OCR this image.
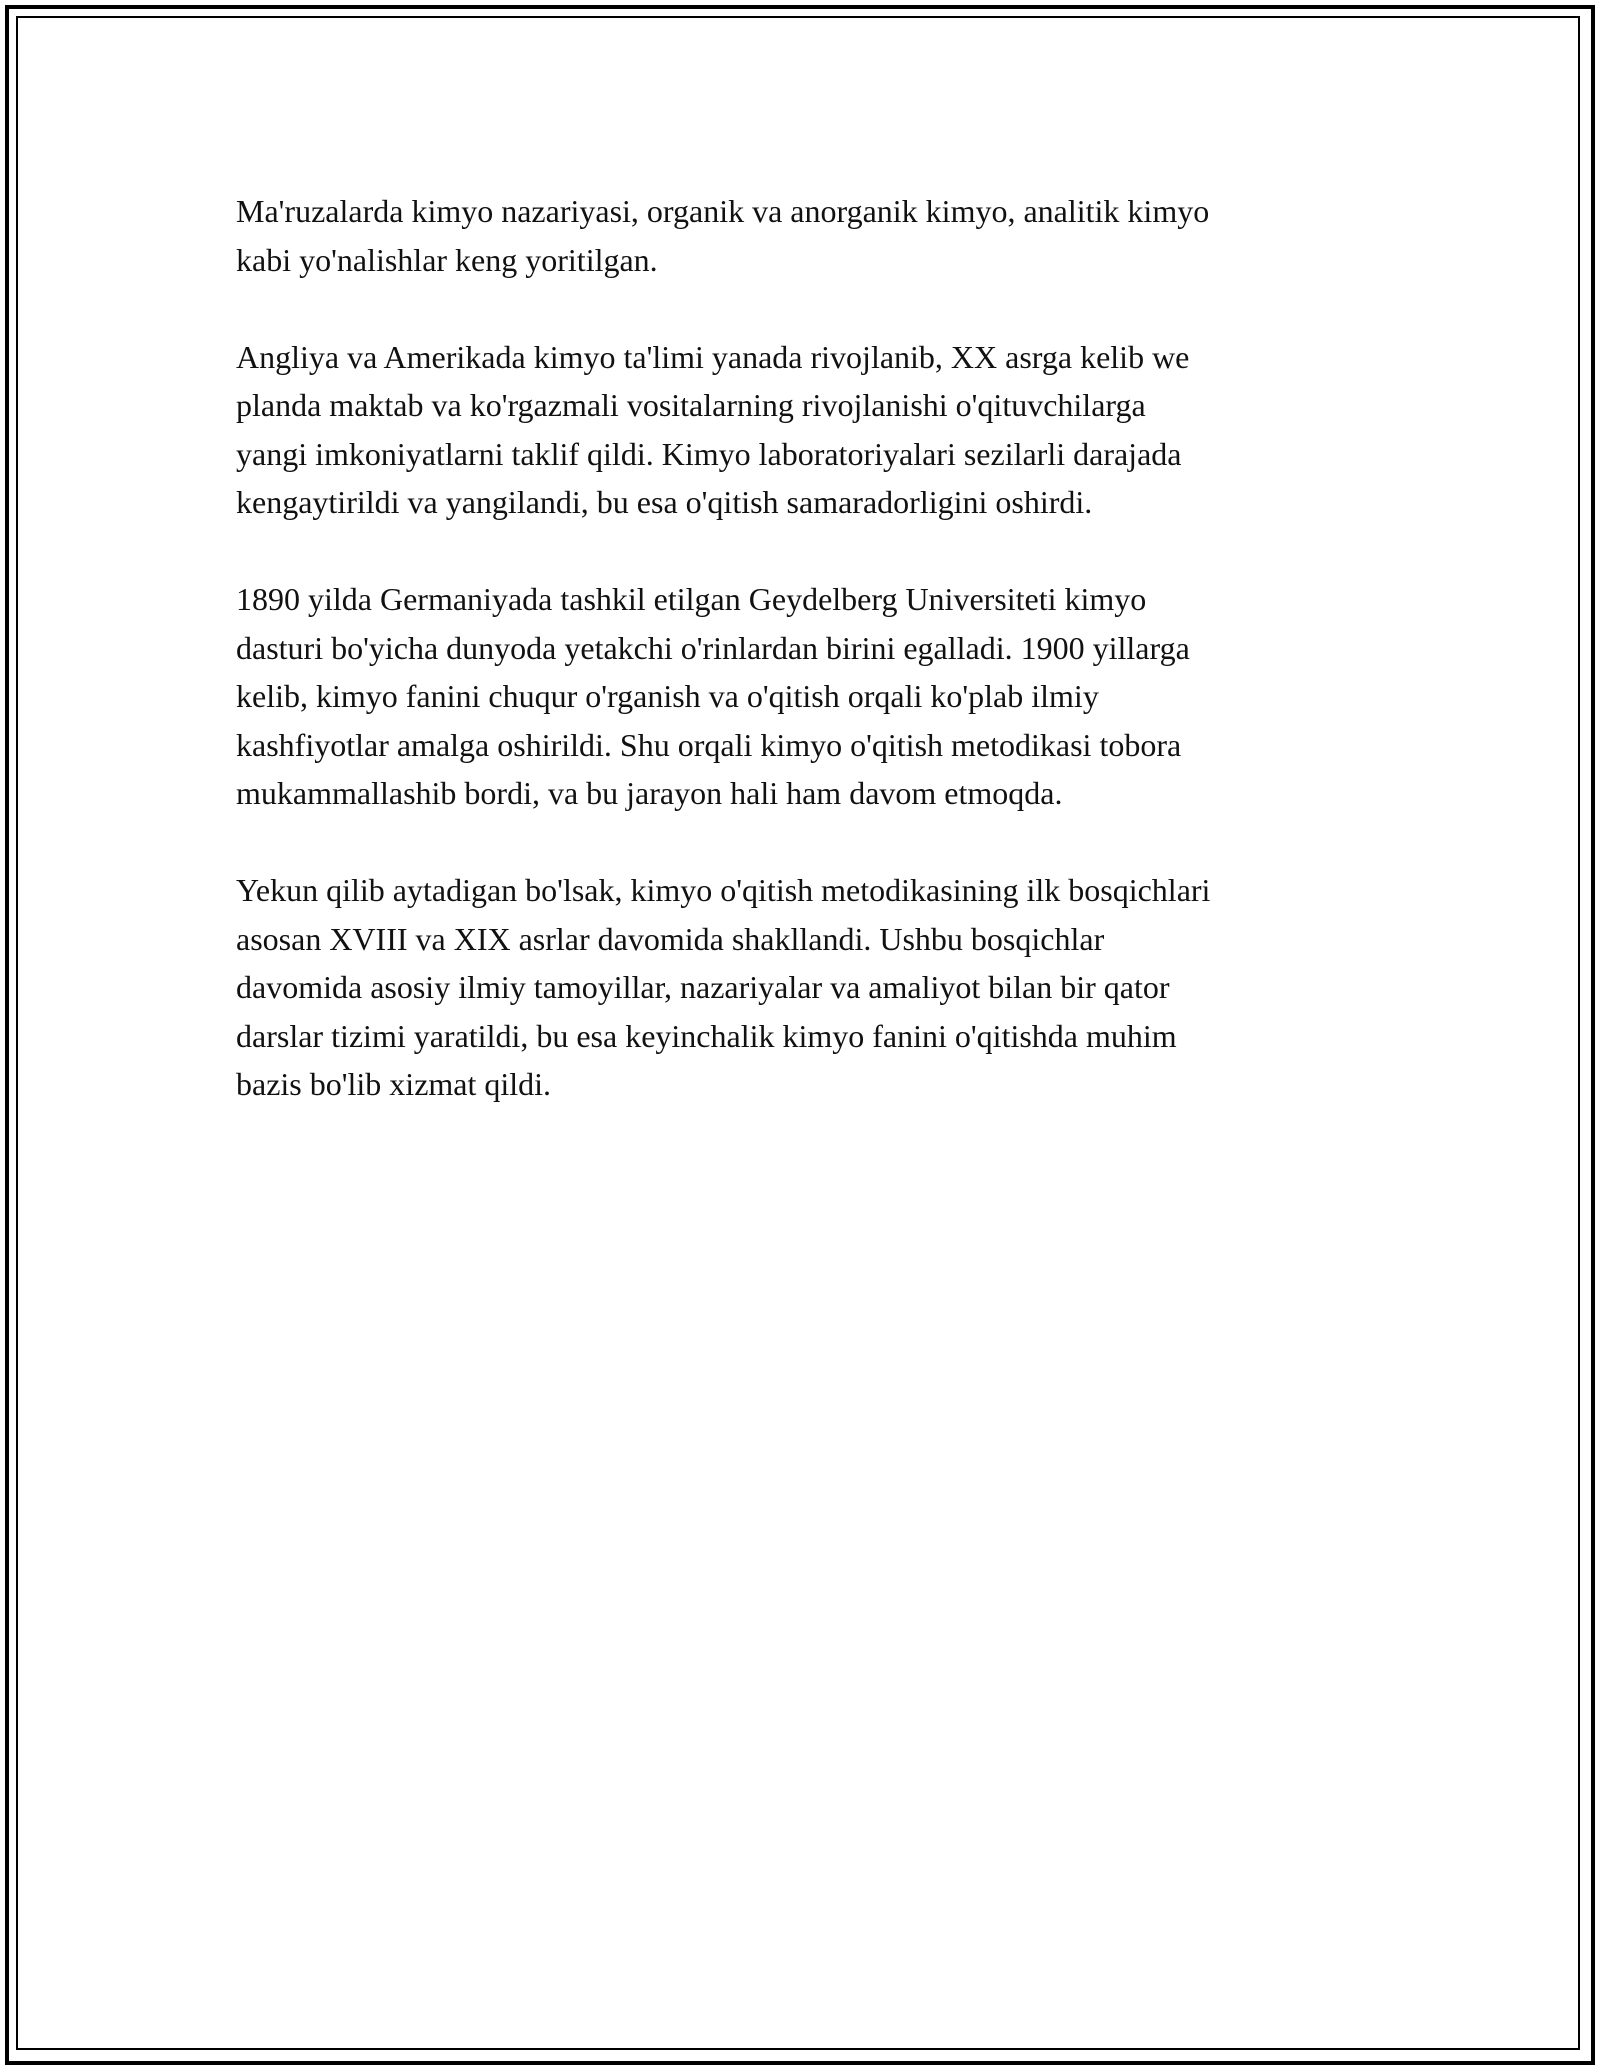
Ma'ruzalarda kimyo nazariyasi, organik va anorganik kimyo, analitik kimyo
kabi yo'nalishlar keng yoritilgan.

Angliya va Amerikada kimyo ta'limi yanada rivojlanib, XX asrga kelib we
planda maktab va ko'rgazmali vositalarning rivojlanishi o'qituvchilarga
yangi imkoniyatlarni taklif qildi. Kimyo laboratoriyalari sezilarli darajada
kengaytirildi va yangilandi, bu esa o'qitish samaradorligini oshirdi.

1890 yilda Germaniyada tashkil etilgan Geydelberg Universiteti kimyo
dasturi bo'yicha dunyoda yetakchi o'rinlardan birini egalladi. 1900 yillarga
kelib, kimyo fanini chuqur o'rganish va o'qitish orqali ko'plab ilmiy
kashfiyotlar amalga oshirildi. Shu orqali kimyo o'qitish metodikasi tobora
mukammallashib bordi, va bu jarayon hali ham davom etmoqda.

Yekun qilib aytadigan bo'lsak, kimyo o'qitish metodikasining ilk bosqichlari
asosan XVIII va XIX asrlar davomida shakllandi. Ushbu bosqichlar
davomida asosiy ilmiy tamoyillar, nazariyalar va amaliyot bilan bir qator
darslar tizimi yaratildi, bu esa keyinchalik kimyo fanini o'qitishda muhim
bazis bo'lib xizmat qildi.
